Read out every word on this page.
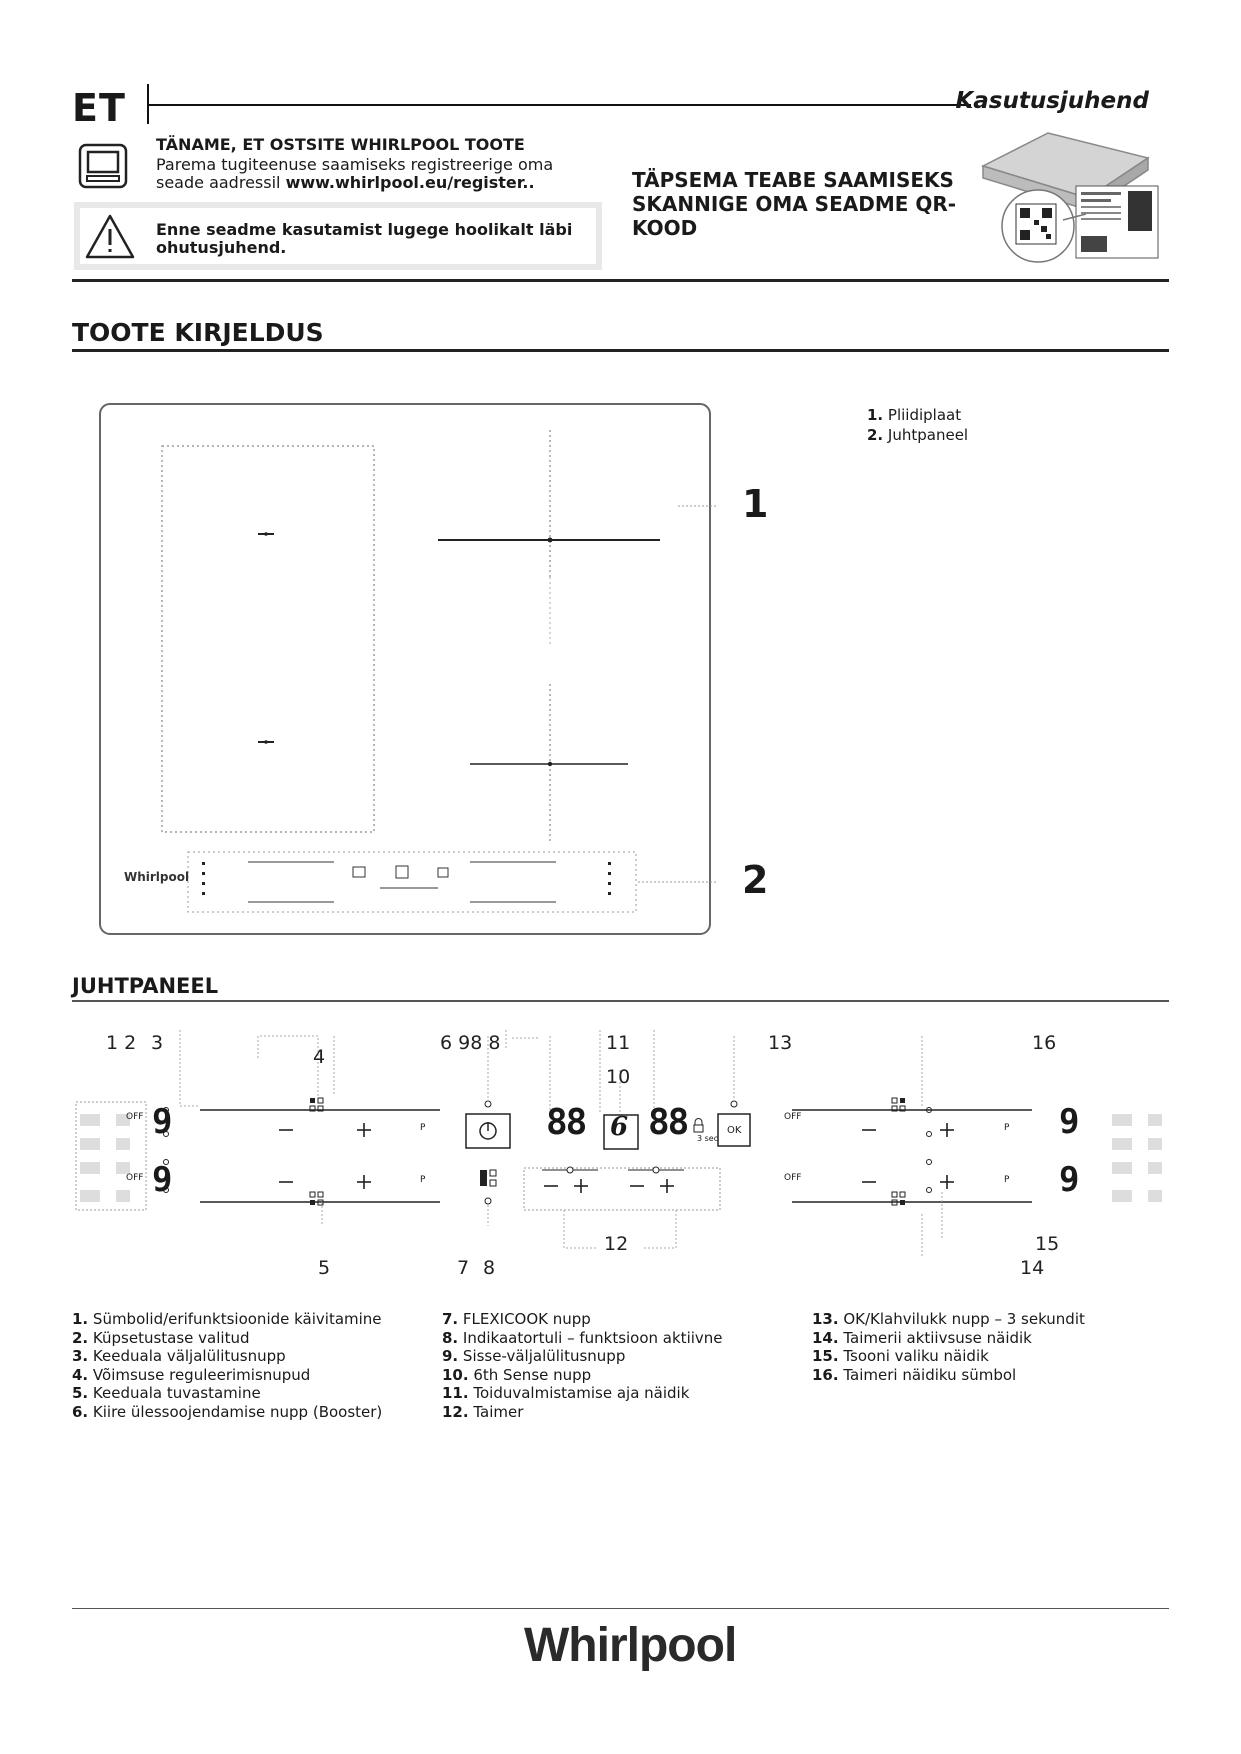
ET	Kasutusjuhend
TÄNAME, ET OSTSITE WHIRLPOOL TOOTE
Parema tugiteenuse saamiseks registreerige oma seade aadressil www.whirlpool.eu/register..
Enne seadme kasutamist lugege hoolikalt läbi ohutusjuhend.
TÄPSEMA TEABE SAAMISEKS SKANNIGE OMA SEADME QR-KOOD
TOOTE KIRJELDUS
1. Pliidiplaat
2. Juhtpaneel
Whirlpool
1
2
JUHTPANEEL
OFF
OFF
OFF
OFF
P
P
P
P
9
9
9
9
88 88
6	3 sec
OK
1 2 3
4
6 98 8	11
10
13	16
5	7 8
12	15
14
1. Sümbolid/erifunktsioonide käivitamine
2. Küpsetustase valitud
3. Keeduala väljalülitusnupp
4. Võimsuse reguleerimisnupud
5. Keeduala tuvastamine
6. Kiire ülessoojendamise nupp (Booster)
7. FLEXICOOK nupp
8. Indikaatortuli – funktsioon aktiivne
9. Sisse-väljalülitusnupp
10. 6th Sense nupp
11. Toiduvalmistamise aja näidik
12. Taimer
13. OK/Klahvilukk nupp – 3 sekundit
14. Taimerii aktiivsuse näidik
15. Tsooni valiku näidik
16. Taimeri näidiku sümbol
Whirlpool
